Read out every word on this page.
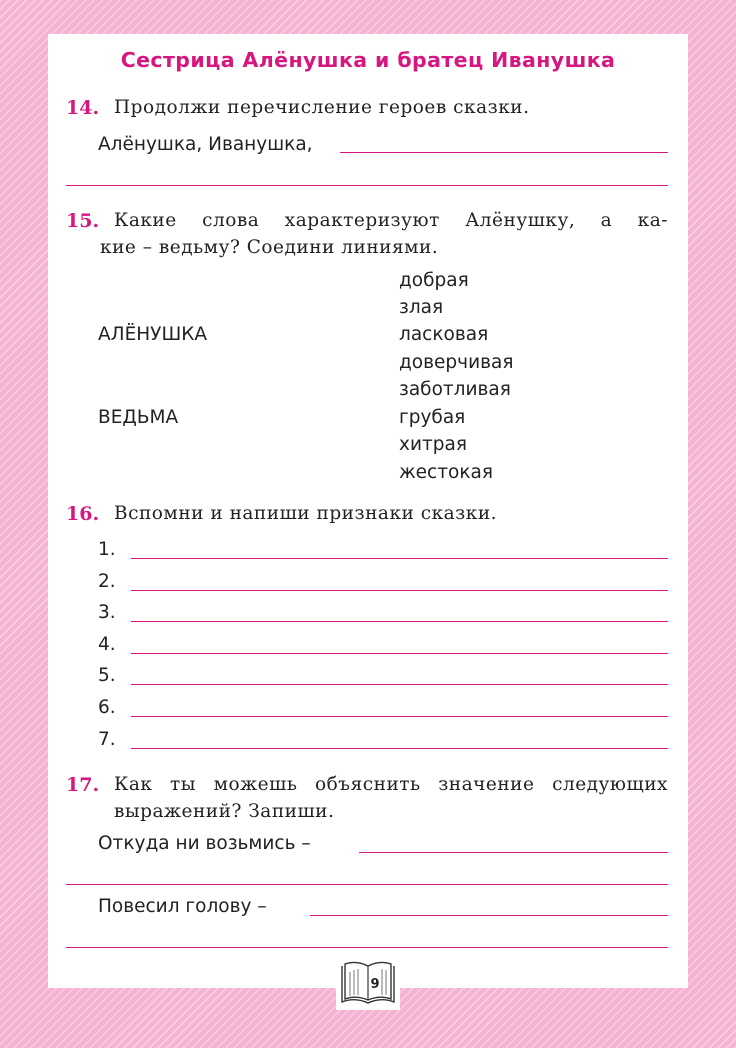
Сестрица Алёнушка и братец Иванушка
14. Продолжи перечисление героев сказки.
Алёнушка, Иванушка,
15. Какие слова характеризуют Алёнушку, а ка-
кие – ведьму? Соедини линиями.
АЛЁНУШКА
ВЕДЬМА
добрая
злая
ласковая
доверчивая
заботливая
грубая
хитрая
жестокая
16. Вспомни и напиши признаки сказки.
1.
2.
3.
4.
5.
6.
7.
17. Как ты можешь объяснить значение следующих
выражений? Запиши.
Откуда ни возьмись –
Повесил голову –
9
